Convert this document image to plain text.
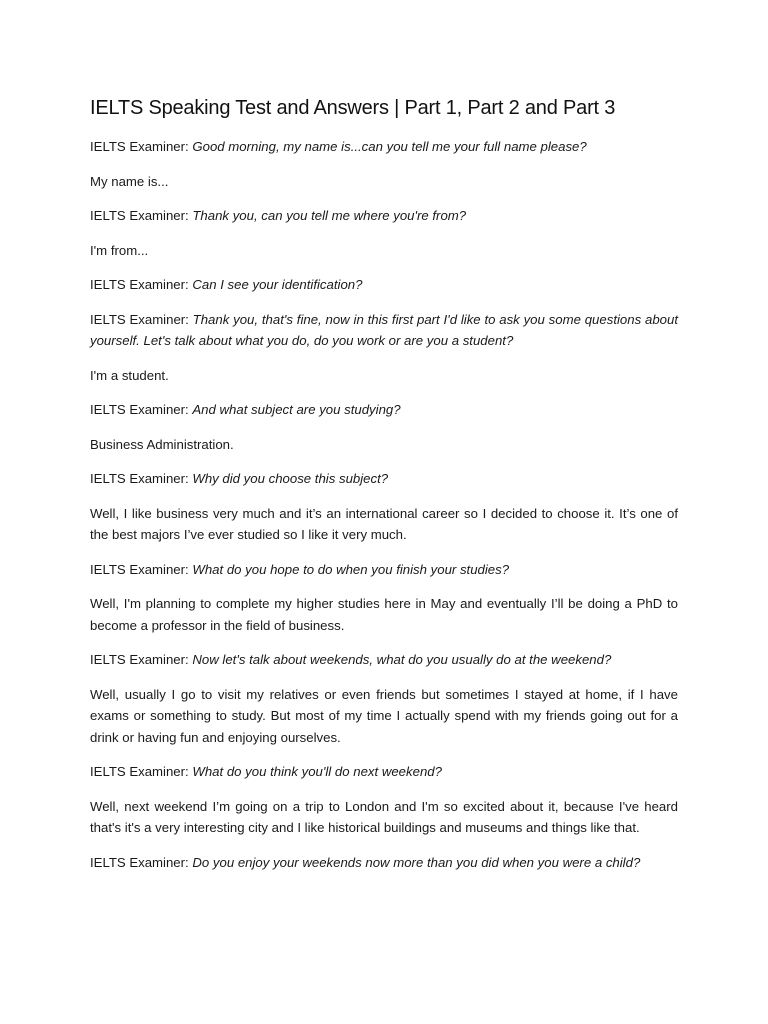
IELTS Speaking Test and Answers | Part 1, Part 2 and Part 3

IELTS Examiner: Good morning, my name is...can you tell me your full name please?

My name is...

IELTS Examiner: Thank you, can you tell me where you're from?

I'm from...

IELTS Examiner: Can I see your identification?

IELTS Examiner: Thank you, that's fine, now in this first part I'd like to ask you some questions about yourself. Let's talk about what you do, do you work or are you a student?

I'm a student.

IELTS Examiner: And what subject are you studying?

Business Administration.

IELTS Examiner: Why did you choose this subject?

Well, I like business very much and it’s an international career so I decided to choose it. It’s one of the best majors I’ve ever studied so I like it very much.

IELTS Examiner: What do you hope to do when you finish your studies?

Well, I'm planning to complete my higher studies here in May and eventually I’ll be doing a PhD to become a professor in the field of business.

IELTS Examiner: Now let's talk about weekends, what do you usually do at the weekend?

Well, usually I go to visit my relatives or even friends but sometimes I stayed at home, if I have exams or something to study. But most of my time I actually spend with my friends going out for a drink or having fun and enjoying ourselves.

IELTS Examiner: What do you think you'll do next weekend?

Well, next weekend I’m going on a trip to London and I'm so excited about it, because I've heard that's it's a very interesting city and I like historical buildings and museums and things like that.

IELTS Examiner: Do you enjoy your weekends now more than you did when you were a child?
